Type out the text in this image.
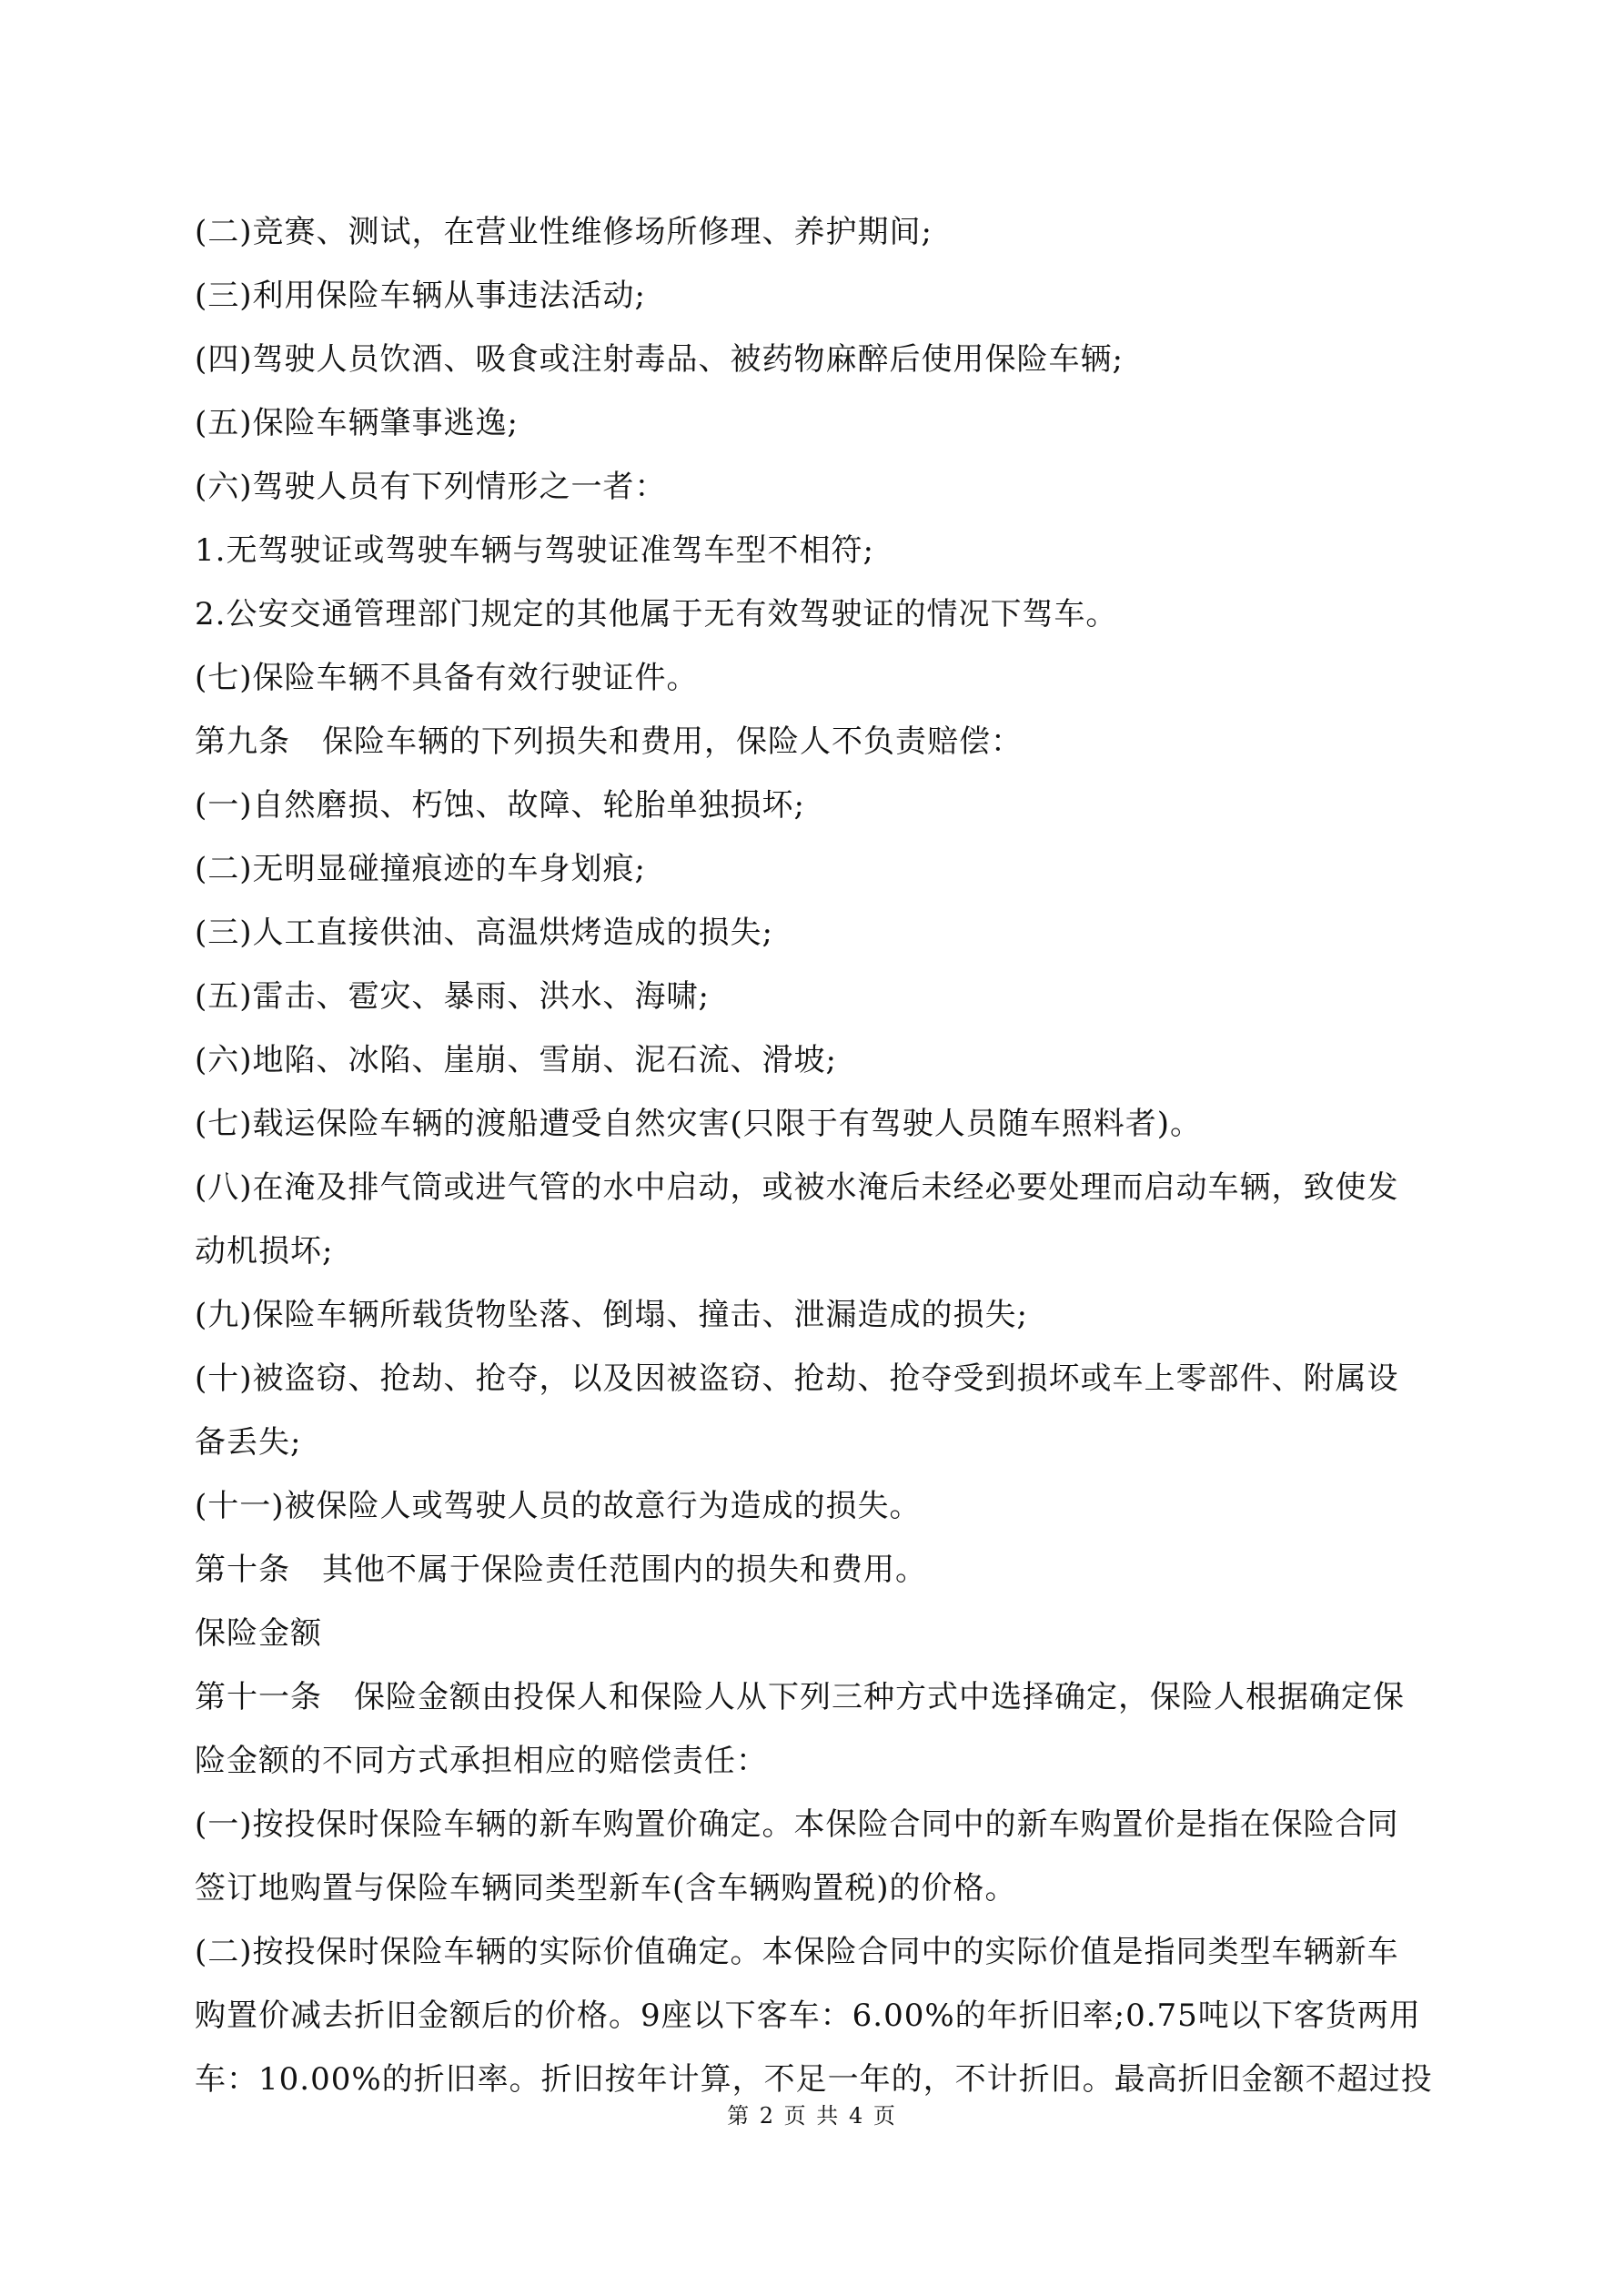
(二)竞赛、测试，在营业性维修场所修理、养护期间;
(三)利用保险车辆从事违法活动;
(四)驾驶人员饮酒、吸食或注射毒品、被药物麻醉后使用保险车辆;
(五)保险车辆肇事逃逸;
(六)驾驶人员有下列情形之一者：
1.无驾驶证或驾驶车辆与驾驶证准驾车型不相符;
2.公安交通管理部门规定的其他属于无有效驾驶证的情况下驾车。
(七)保险车辆不具备有效行驶证件。
第九条　保险车辆的下列损失和费用，保险人不负责赔偿：
(一)自然磨损、朽蚀、故障、轮胎单独损坏;
(二)无明显碰撞痕迹的车身划痕;
(三)人工直接供油、高温烘烤造成的损失;
(五)雷击、雹灾、暴雨、洪水、海啸;
(六)地陷、冰陷、崖崩、雪崩、泥石流、滑坡;
(七)载运保险车辆的渡船遭受自然灾害(只限于有驾驶人员随车照料者)。
(八)在淹及排气筒或进气管的水中启动，或被水淹后未经必要处理而启动车辆，致使发
动机损坏;
(九)保险车辆所载货物坠落、倒塌、撞击、泄漏造成的损失;
(十)被盗窃、抢劫、抢夺，以及因被盗窃、抢劫、抢夺受到损坏或车上零部件、附属设
备丢失;
(十一)被保险人或驾驶人员的故意行为造成的损失。
第十条　其他不属于保险责任范围内的损失和费用。
保险金额
第十一条　保险金额由投保人和保险人从下列三种方式中选择确定，保险人根据确定保
险金额的不同方式承担相应的赔偿责任：
(一)按投保时保险车辆的新车购置价确定。本保险合同中的新车购置价是指在保险合同
签订地购置与保险车辆同类型新车(含车辆购置税)的价格。
(二)按投保时保险车辆的实际价值确定。本保险合同中的实际价值是指同类型车辆新车
购置价减去折旧金额后的价格。9座以下客车：6.00%的年折旧率;0.75吨以下客货两用
车：10.00%的折旧率。折旧按年计算，不足一年的，不计折旧。最高折旧金额不超过投
第 2 页 共 4 页
